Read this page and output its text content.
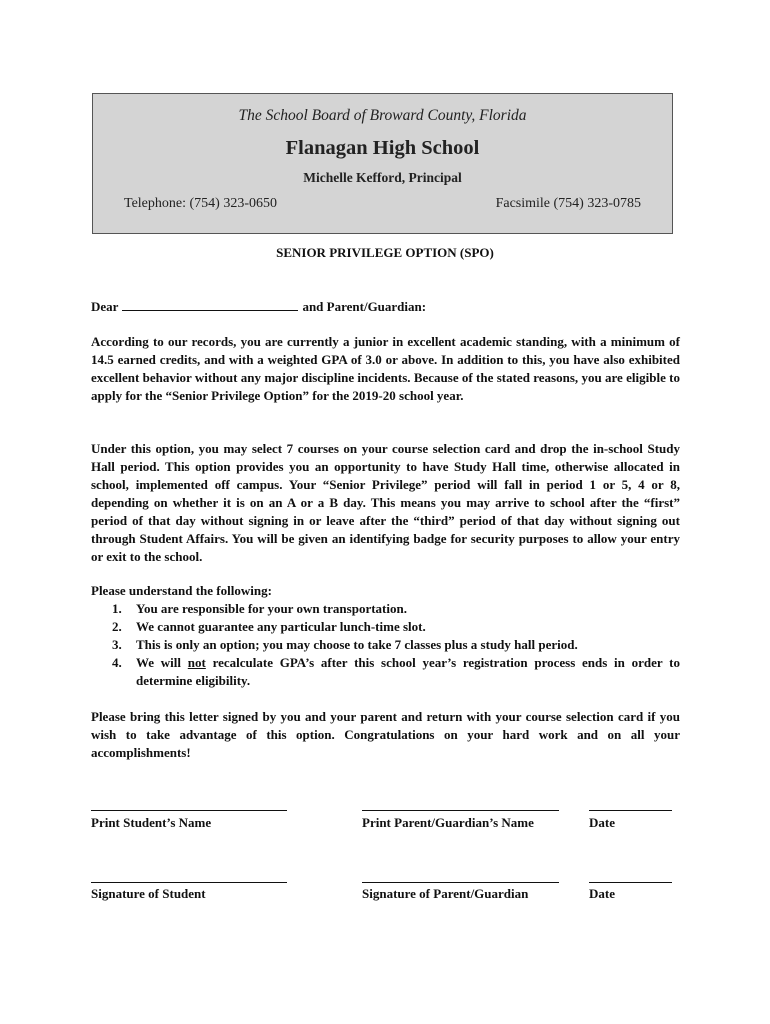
The School Board of Broward County, Florida
Flanagan High School
Michelle Kefford, Principal
Telephone: (754) 323-0650	Facsimile (754) 323-0785
SENIOR PRIVILEGE OPTION (SPO)
Dear	and Parent/Guardian:
According to our records, you are currently a junior in excellent academic standing, with a minimum of 14.5 earned credits, and with a weighted GPA of 3.0 or above. In addition to this, you have also exhibited excellent behavior without any major discipline incidents. Because of the stated reasons, you are eligible to apply for the “Senior Privilege Option” for the 2019-20 school year.
Under this option, you may select 7 courses on your course selection card and drop the in-school Study Hall period. This option provides you an opportunity to have Study Hall time, otherwise allocated in school, implemented off campus. Your “Senior Privilege” period will fall in period 1 or 5, 4 or 8, depending on whether it is on an A or a B day. This means you may arrive to school after the “first” period of that day without signing in or leave after the “third” period of that day without signing out through Student Affairs. You will be given an identifying badge for security purposes to allow your entry or exit to the school.
Please understand the following:
1. You are responsible for your own transportation.
2. We cannot guarantee any particular lunch-time slot.
3. This is only an option; you may choose to take 7 classes plus a study hall period.
4. We will not recalculate GPA’s after this school year’s registration process ends in order to determine eligibility.
Please bring this letter signed by you and your parent and return with your course selection card if you wish to take advantage of this option. Congratulations on your hard work and on all your accomplishments!
Print Student’s Name	Print Parent/Guardian’s Name	Date
Signature of Student	Signature of Parent/Guardian	Date
